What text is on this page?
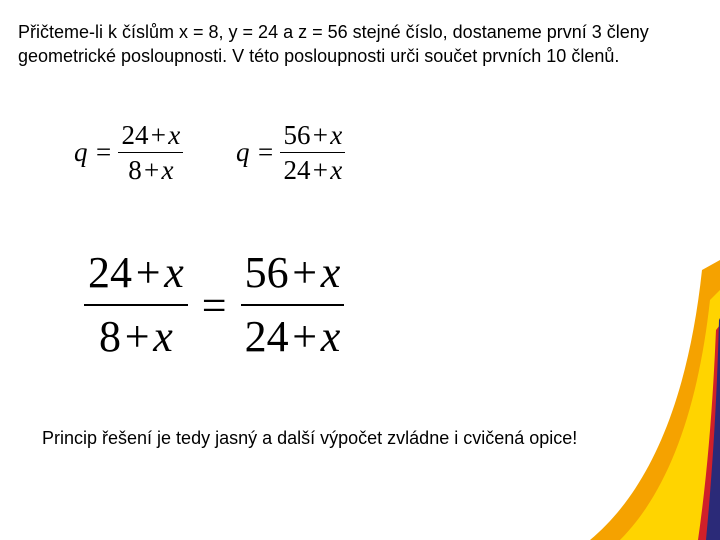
Přičteme-li k číslům x = 8, y = 24 a z = 56 stejné číslo, dostaneme první 3 členy geometrické posloupnosti. V této posloupnosti urči součet prvních 10 členů.

$q = \frac{24 + x}{8 + x}$ $q = \frac{56 + x}{24 + x}$
$\frac{24 + x}{8 + x} = \frac{56 + x}{24 + x}$

Princip řešení je tedy jasný a další výpočet zvládne i cvičená opice!
